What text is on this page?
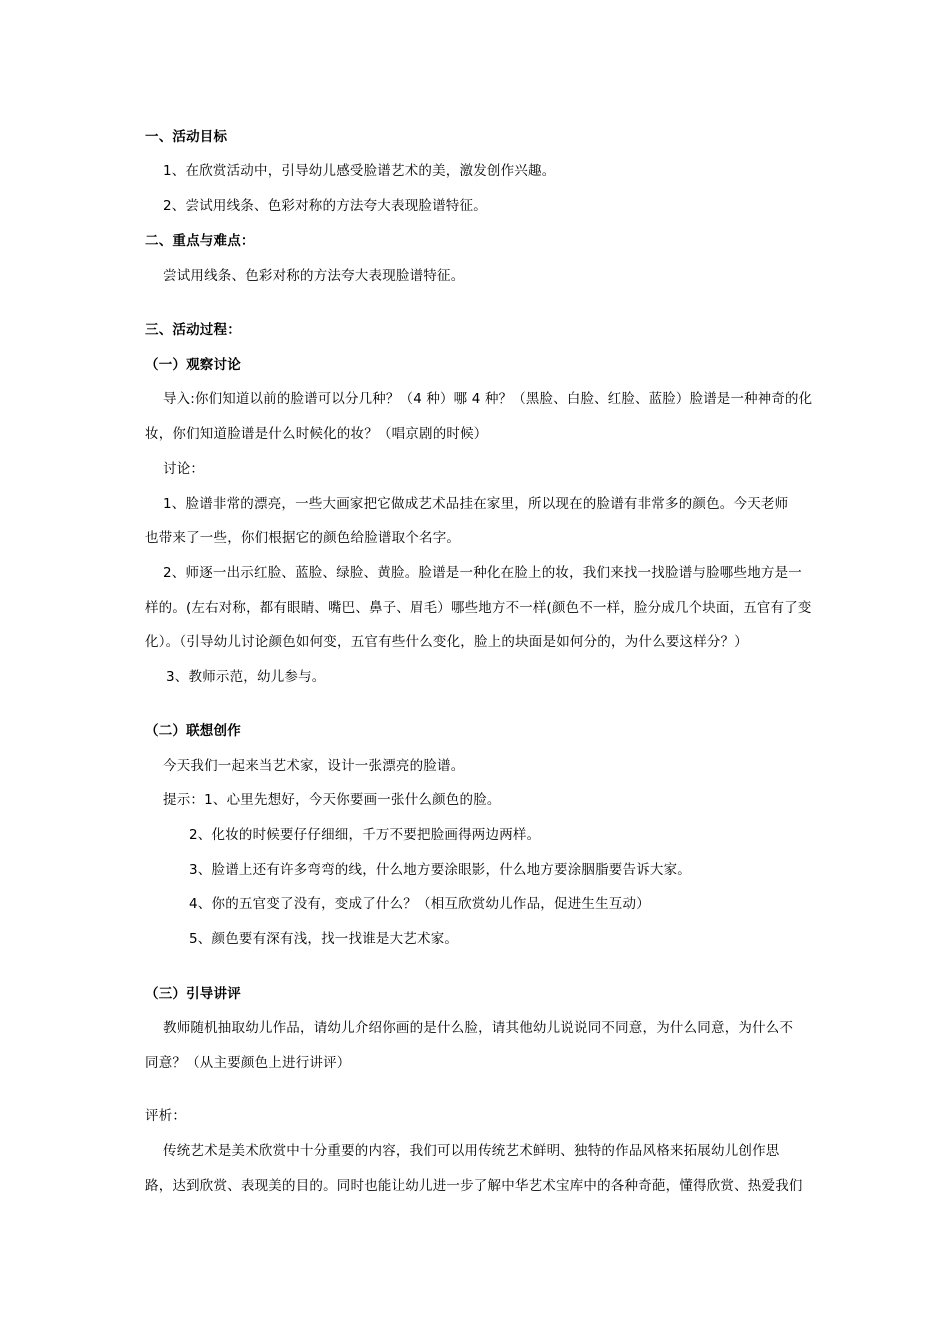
一、活动目标
1、在欣赏活动中，引导幼儿感受脸谱艺术的美，激发创作兴趣。
2、尝试用线条、色彩对称的方法夸大表现脸谱特征。
二、重点与难点：
尝试用线条、色彩对称的方法夸大表现脸谱特征。
三、活动过程：
（一）观察讨论
导入:你们知道以前的脸谱可以分几种？（4 种）哪 4 种？（黑脸、白脸、红脸、蓝脸）脸谱是一种神奇的化
妆，你们知道脸谱是什么时候化的妆？（唱京剧的时候）
讨论：
1、脸谱非常的漂亮，一些大画家把它做成艺术品挂在家里，所以现在的脸谱有非常多的颜色。今天老师
也带来了一些，你们根据它的颜色给脸谱取个名字。
2、师逐一出示红脸、蓝脸、绿脸、黄脸。脸谱是一种化在脸上的妆，我们来找一找脸谱与脸哪些地方是一
样的。(左右对称，都有眼睛、嘴巴、鼻子、眉毛）哪些地方不一样(颜色不一样，脸分成几个块面，五官有了变
化）。（引导幼儿讨论颜色如何变，五官有些什么变化，脸上的块面是如何分的，为什么要这样分？）
3、教师示范，幼儿参与。
（二）联想创作
今天我们一起来当艺术家，设计一张漂亮的脸谱。
提示：1、心里先想好，今天你要画一张什么颜色的脸。
2、化妆的时候要仔仔细细，千万不要把脸画得两边两样。
3、脸谱上还有许多弯弯的线，什么地方要涂眼影，什么地方要涂胭脂要告诉大家。
4、你的五官变了没有，变成了什么？（相互欣赏幼儿作品，促进生生互动）
5、颜色要有深有浅，找一找谁是大艺术家。
（三）引导讲评
教师随机抽取幼儿作品，请幼儿介绍你画的是什么脸，请其他幼儿说说同不同意，为什么同意，为什么不
同意？（从主要颜色上进行讲评）
评析：
传统艺术是美术欣赏中十分重要的内容，我们可以用传统艺术鲜明、独特的作品风格来拓展幼儿创作思
路，达到欣赏、表现美的目的。同时也能让幼儿进一步了解中华艺术宝库中的各种奇葩，懂得欣赏、热爱我们
